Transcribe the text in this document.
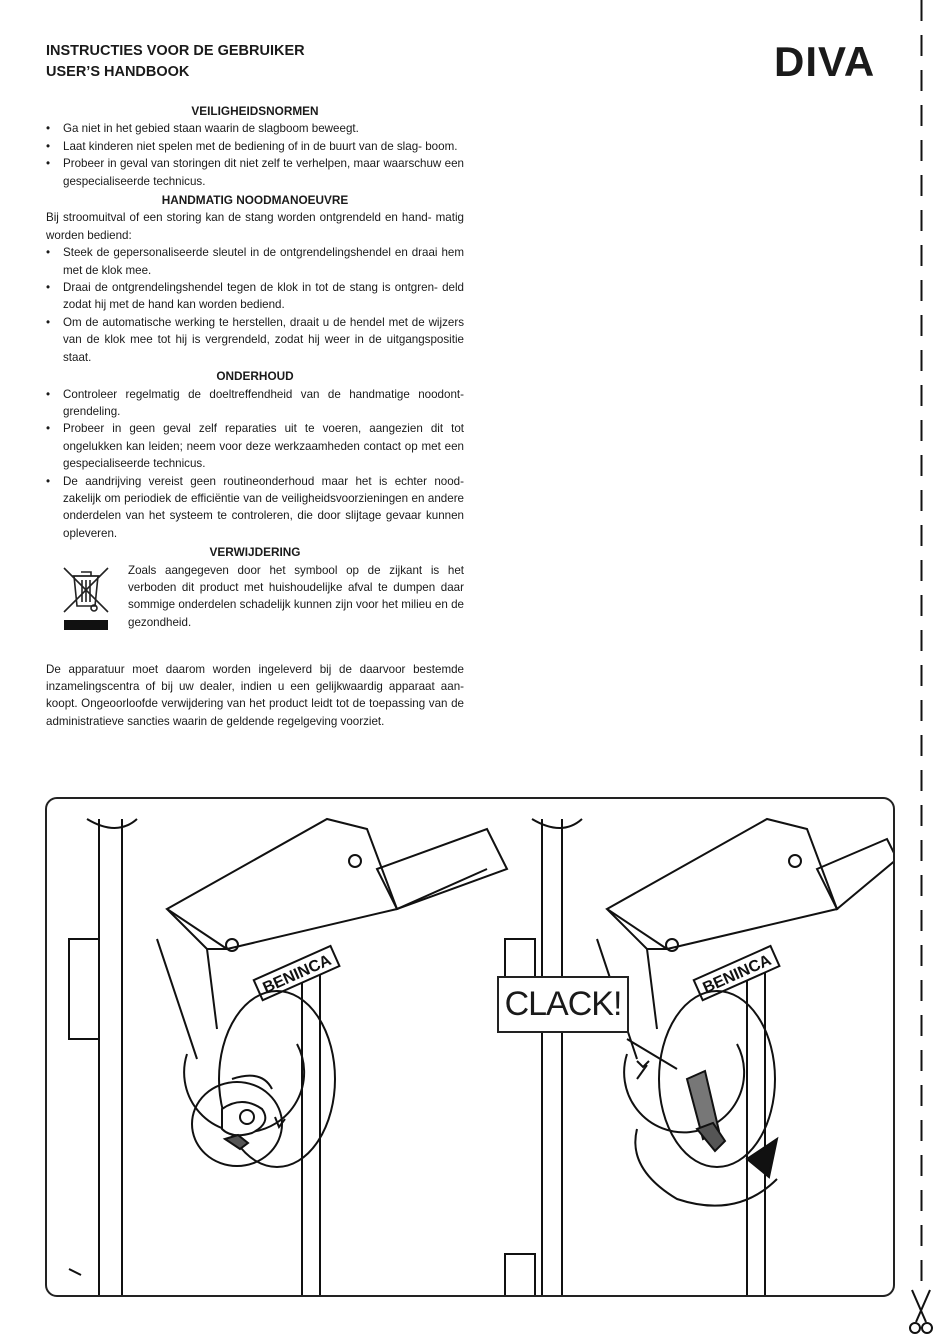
INSTRUCTIES VOOR DE GEBRUIKER
USER’S HANDBOOK	DIVA

VEILIGHEIDSNORMEN

•	Ga niet in het gebied staan waarin de slagboom beweegt.
•	Laat kinderen niet spelen met de bediening of in de buurt van de slag- boom.
•	Probeer in geval van storingen dit niet zelf te verhelpen, maar waarschuw een gespecialiseerde technicus.

HANDMATIG NOODMANOEUVRE

Bij stroomuitval of een storing kan de stang worden ontgrendeld en hand- matig worden bediend:

•	Steek de gepersonaliseerde sleutel in de ontgrendelingshendel en draai hem met de klok mee.
•	Draai de ontgrendelingshendel tegen de klok in tot de stang is ontgren- deld zodat hij met de hand kan worden bediend.
•	Om de automatische werking te herstellen, draait u de hendel met de wijzers van de klok mee tot hij is vergrendeld, zodat hij weer in de uitgangspositie staat.

ONDERHOUD

•	Controleer regelmatig de doeltreffendheid van de handmatige noodont- grendeling.
•	Probeer in geen geval zelf reparaties uit te voeren, aangezien dit tot ongelukken kan leiden; neem voor deze werkzaamheden contact op met een gespecialiseerde technicus.
•	De aandrijving vereist geen routineonderhoud maar het is echter nood- zakelijk om periodiek de efficiëntie van de veiligheidsvoorzieningen en andere onderdelen van het systeem te controleren, die door slijtage gevaar kunnen opleveren.

VERWIJDERING

Zoals aangegeven door het symbool op de zijkant is het verboden dit product met huishoudelijke afval te dumpen daar sommige onderdelen schadelijk kunnen zijn voor het milieu en de gezondheid.

De apparatuur moet daarom worden ingeleverd bij de daarvoor bestemde inzamelingscentra of bij uw dealer, indien u een gelijkwaardig apparaat aan- koopt. Ongeoorloofde verwijdering van het product leidt tot de toepassing van de administratieve sancties waarin de geldende regelgeving voorziet.

BENINCA	BENINCA
CLACK!
